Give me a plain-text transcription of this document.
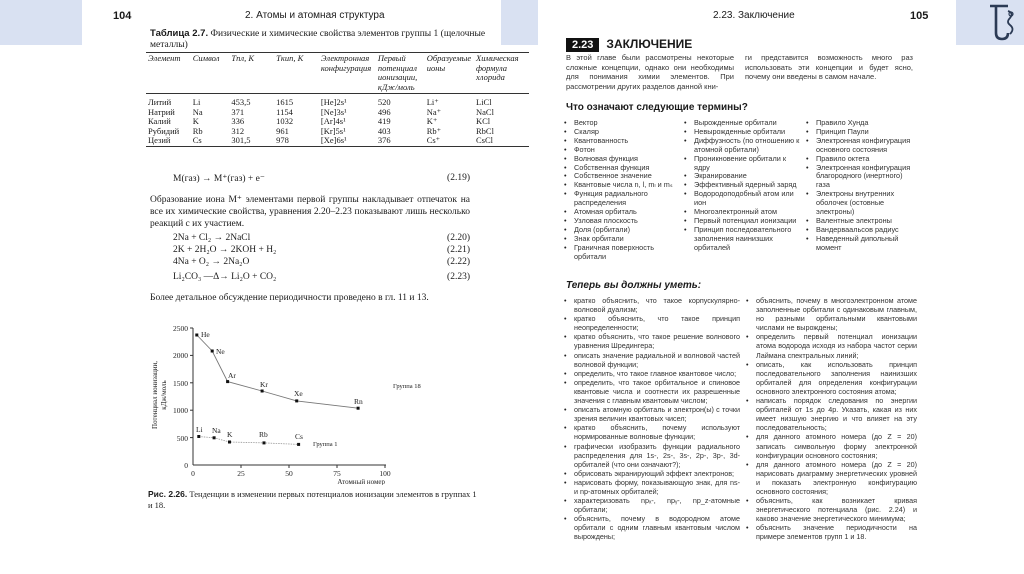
104	2. Атомы и атомная структура
Таблица 2.7. Физические и химические свойства элементов группы 1 (щелочные металлы)
Элемент	Символ	Tпл, K	Tкип, K	Электронная конфигурация	Первый потенциал ионизации, кДж/моль	Образуемые ионы	Химическая формула хлорида
Литий	Li	453,5	1615	[He]2s¹	520	Li⁺	LiCl
Натрий	Na	371	1154	[Ne]3s¹	496	Na⁺	NaCl
Калий	K	336	1032	[Ar]4s¹	419	K⁺	KCl
Рубидий	Rb	312	961	[Kr]5s¹	403	Rb⁺	RbCl
Цезий	Cs	301,5	978	[Xe]6s¹	376	Cs⁺	CsCl
M(газ) → M⁺(газ) + e⁻	(2.19)
Образование иона M⁺ элементами первой группы накладывает отпечаток на все их химические свойства, уравнения 2.20–2.23 показывают лишь несколько реакций с их участием.
2Na + Cl₂ → 2NaCl	(2.20)
2K + 2H₂O → 2KOH + H₂	(2.21)
4Na + O₂ → 2Na₂O	(2.22)
Li₂CO₃ —Δ→ Li₂O + CO₂	(2.23)
Более детальное обсуждение периодичности проведено в гл. 11 и 13.
2500
2000
1500
1000
500
0
0	25	50	75	100
Атомный номер
Потенциал ионизации, кДж/моль
He
Ne
Ar
Kr
Xe
Rn
Группа 18
Li Na K	Rb	Cs
Группа 1
Рис. 2.26. Тенденции в изменении первых потенциалов ионизации элементов в группах 1 и 18.
2.23. Заключение	105
2.23 ЗАКЛЮЧЕНИЕ
В этой главе были рассмотрены некоторые сложные концепции, однако они необходимы для понимания химии элементов. При рассмотрении других разделов данной кни-
ги представится возможность много раз использовать эти концепции и будет ясно, почему они введены в самом начале.
Что означают следующие термины?
• Вектор
• Скаляр
• Квантованность
• Фотон
• Волновая функция
• Собственная функция
• Собственное значение
• Квантовые числа n, l, mₗ и mₛ
• Функция радиального распределения
• Атомная орбиталь
• Узловая плоскость
• Доля (орбитали)
• Знак орбитали
• Граничная поверхность орбитали
• Вырожденные орбитали
• Невырожденные орбитали
• Диффузность (по отношению к атомной орбитали)
• Проникновение орбитали к ядру
• Экранирование
• Эффективный ядерный заряд
• Водородоподобный атом или ион
• Многоэлектронный атом
• Первый потенциал ионизации
• Принцип последовательного заполнения наинизших орбиталей
• Правило Хунда
• Принцип Паули
• Электронная конфигурация основного состояния
• Правило октета
• Электронная конфигурация благородного (инертного) газа
• Электроны внутренних оболочек (остовные электроны)
• Валентные электроны
• Вандерваальсов радиус
• Наведенный дипольный момент
Теперь вы должны уметь:
• кратко объяснить, что такое корпускулярно-волновой дуализм;
• кратко объяснить, что такое принцип неопределенности;
• кратко объяснить, что такое решение волнового уравнения Шредингера;
• описать значение радиальной и волновой частей волновой функции;
• определить, что такое главное квантовое число;
• определить, что такое орбитальное и спиновое квантовые числа и соотнести их разрешенные значения с главным квантовым числом;
• описать атомную орбиталь и электрон(ы) с точки зрения величин квантовых чисел;
• кратко объяснить, почему используют нормированные волновые функции;
• графически изобразить функции радиального распределения для 1s-, 2s-, 3s-, 2p-, 3p-, 3d-орбиталей (что они означают?);
• обрисовать экранирующий эффект электронов;
• нарисовать форму, показывающую знак, для ns- и np-атомных орбиталей;
• характеризовать npₓ-, npᵧ-, np_z-атомные орбитали;
• объяснить, почему в водородном атоме орбитали с одним главным квантовым числом вырождены;
• объяснить, почему в многоэлектронном атоме заполненные орбитали с одинаковым главным, но разными орбитальными квантовыми числами не вырождены;
• определить первый потенциал ионизации атома водорода исходя из набора частот серии Лаймана спектральных линий;
• описать, как использовать принцип последовательного заполнения наинизших орбиталей для определения конфигурации основного электронного состояния атома;
• написать порядок следования по энергии орбиталей от 1s до 4p. Указать, какая из них имеет низшую энергию и что влияет на эту последовательность;
• для данного атомного номера (до Z = 20) записать символьную форму электронной конфигурации основного состояния;
• для данного атомного номера (до Z = 20) нарисовать диаграмму энергетических уровней и показать электронную конфигурацию основного состояния;
• объяснить, как возникает кривая энергетического потенциала (рис. 2.24) и каково значение энергетического минимума;
• объяснить значение периодичности на примере элементов групп 1 и 18.
